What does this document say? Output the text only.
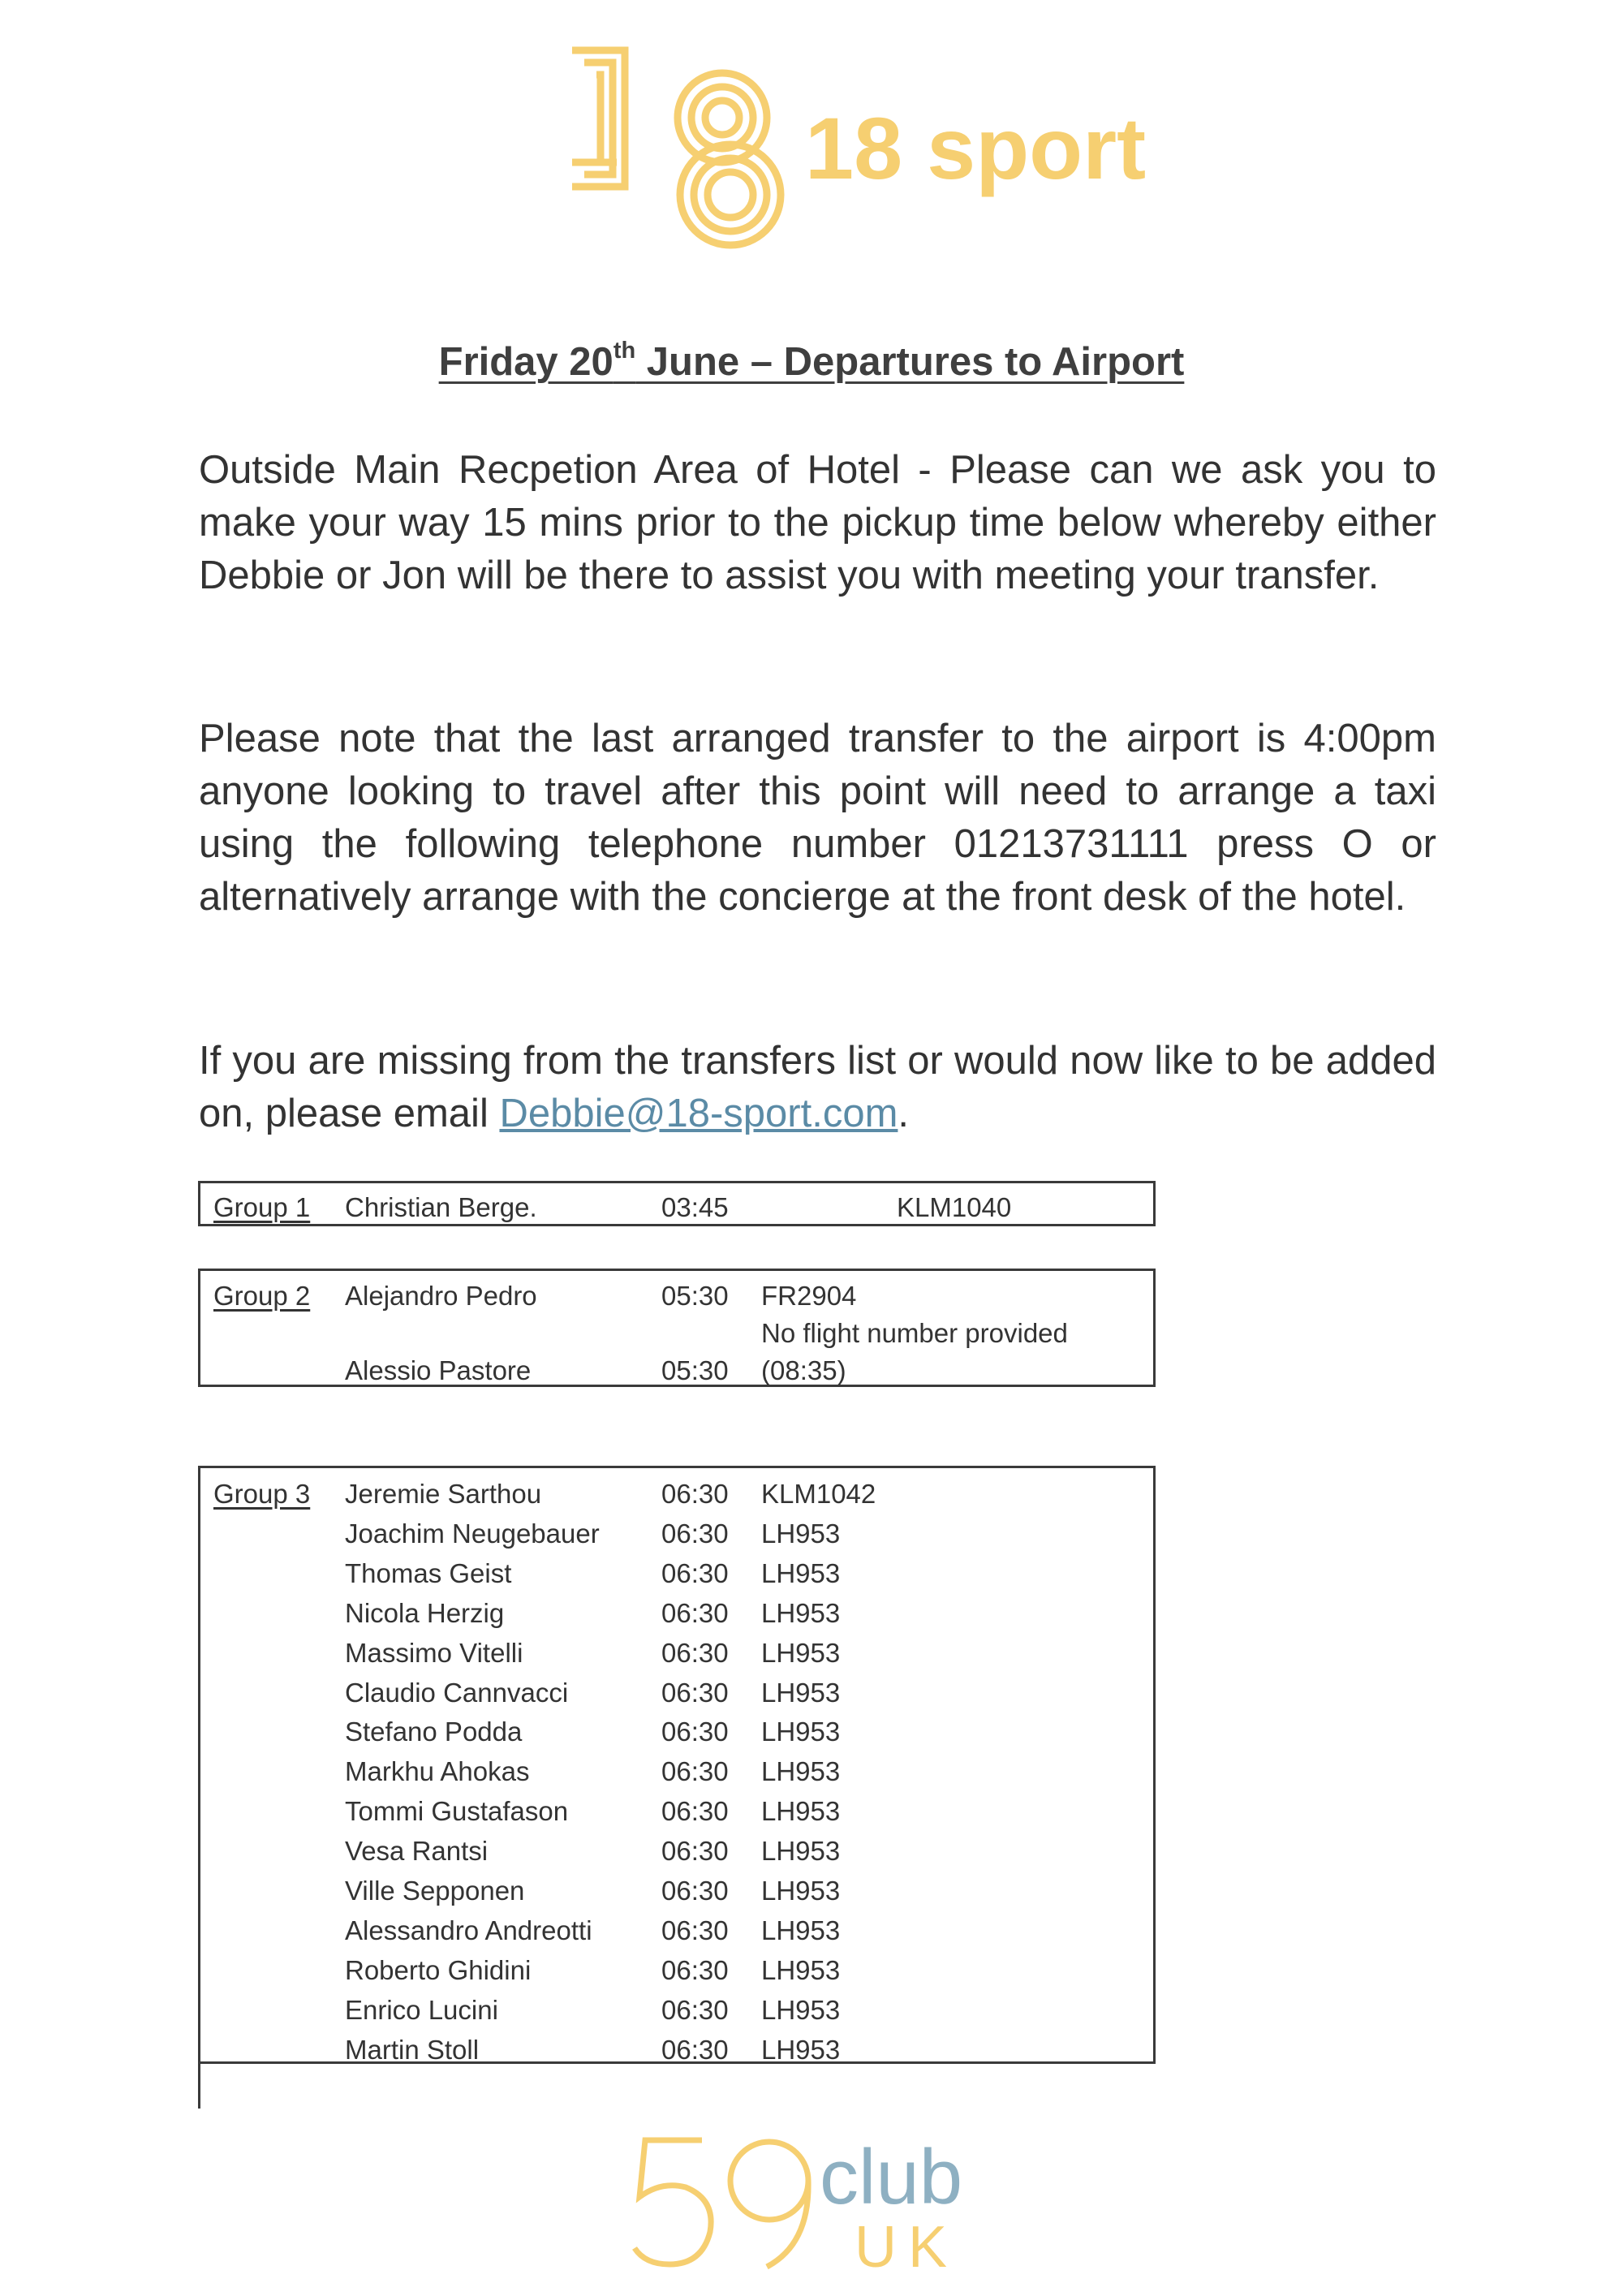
18 sport
Friday 20th June – Departures to Airport
Outside Main Recpetion Area of Hotel - Please can we ask you to make your way 15 mins prior to the pickup time below whereby either Debbie or Jon will be there to assist you with meeting your transfer.
Please note that the last arranged transfer to the airport is 4:00pm anyone looking to travel after this point will need to arrange a taxi using the following telephone number 01213731111 press O or alternatively arrange with the concierge at the front desk of the hotel.
If you are missing from the transfers list or would now like to be added on, please email Debbie@18-sport.com.
Group 1 Christian Berge.	03:45	KLM1040
Group 2 Alejandro Pedro	05:30 FR2904
No flight number provided
Alessio Pastore	05:30 (08:35)
Group 3 Jeremie Sarthou	06:30 KLM1042
Joachim Neugebauer 06:30 LH953
Thomas Geist	06:30 LH953
Nicola Herzig	06:30 LH953
Massimo Vitelli	06:30 LH953
Claudio Cannvacci	06:30 LH953
Stefano Podda	06:30 LH953
Markhu Ahokas	06:30 LH953
Tommi Gustafason	06:30 LH953
Vesa Rantsi	06:30 LH953
Ville Sepponen	06:30 LH953
Alessandro Andreotti	06:30 LH953
Roberto Ghidini	06:30 LH953
Enrico Lucini	06:30 LH953
Martin Stoll	06:30 LH953
club
UK
